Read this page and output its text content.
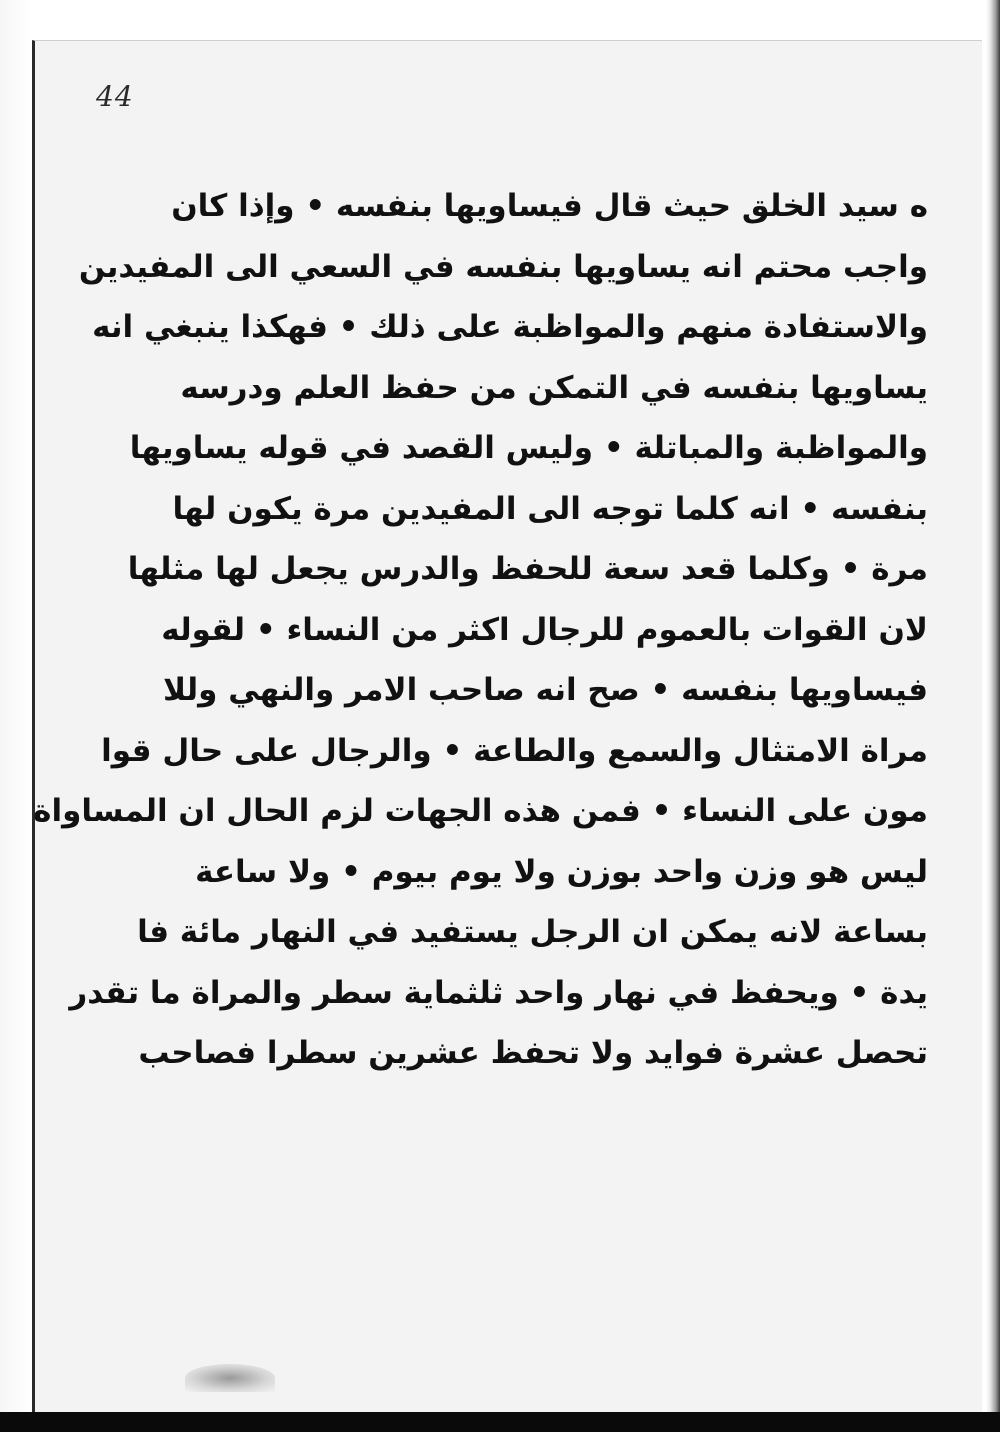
44
ه سيد الخلق حيث قال فيساويها بنفسه • وإذا كان
واجب محتم انه يساويها بنفسه في السعي الى المفيدين
والاستفادة منهم والمواظبة على ذلك • فهكذا ينبغي انه
يساويها بنفسه في التمكن من حفظ العلم ودرسه
والمواظبة والمباتلة • وليس القصد في قوله يساويها
بنفسه • انه كلما توجه الى المفيدين مرة يكون لها
مرة • وكلما قعد سعة للحفظ والدرس يجعل لها مثلها
لان القوات بالعموم للرجال اكثر من النساء • لقوله
فيساويها بنفسه • صح انه صاحب الامر والنهي وللا
مراة الامتثال والسمع والطاعة • والرجال على حال قوا
مون على النساء • فمن هذه الجهات لزم الحال ان المساواة
ليس هو وزن واحد بوزن ولا يوم بيوم • ولا ساعة
بساعة لانه يمكن ان الرجل يستفيد في النهار مائة فا
يدة • ويحفظ في نهار واحد ثلثماية سطر والمراة ما تقدر
تحصل عشرة فوايد ولا تحفظ عشرين سطرا فصاحب
